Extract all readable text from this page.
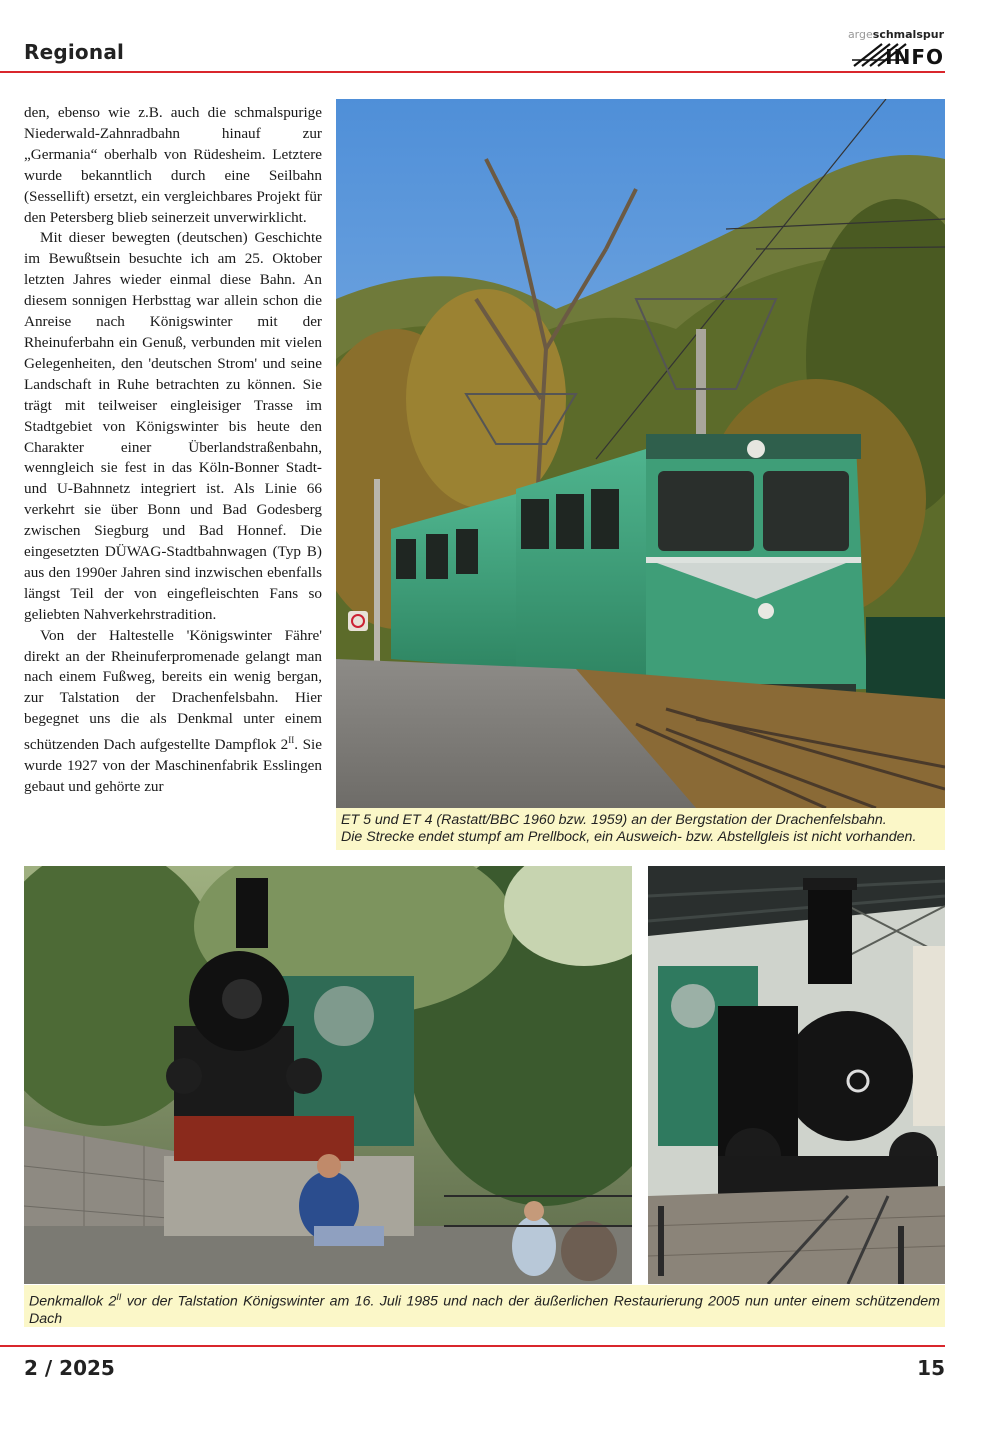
Regional
argeschmalspur
INFO

den, ebenso wie z.B. auch die schmalspurige Niederwald-Zahnradbahn hinauf zur „Germania“ oberhalb von Rüdesheim. Letztere wurde bekanntlich durch eine Seilbahn (Sessellift) ersetzt, ein vergleichbares Projekt für den Petersberg blieb seinerzeit unverwirklicht.

Mit dieser bewegten (deutschen) Geschichte im Bewußtsein besuchte ich am 25. Oktober letzten Jahres wieder einmal diese Bahn. An diesem sonnigen Herbsttag war allein schon die Anreise nach Königswinter mit der Rheinuferbahn ein Genuß, verbunden mit vielen Gelegenheiten, den 'deutschen Strom' und seine Landschaft in Ruhe betrachten zu können. Sie trägt mit teilweiser eingleisiger Trasse im Stadtgebiet von Königswinter bis heute den Charakter einer Überlandstraßenbahn, wenngleich sie fest in das Köln-Bonner Stadt- und U-Bahnnetz integriert ist. Als Linie 66 verkehrt sie über Bonn und Bad Godesberg zwischen Siegburg und Bad Honnef. Die eingesetzten DÜWAG-Stadtbahnwagen (Typ B) aus den 1990er Jahren sind inzwischen ebenfalls längst Teil der von eingefleischten Fans so geliebten Nahverkehrstradition.

Von der Haltestelle 'Königswinter Fähre' direkt an der Rheinuferpromenade gelangt man nach einem Fußweg, bereits ein wenig bergan, zur Talstation der Drachenfelsbahn. Hier begegnet uns die als Denkmal unter einem schützenden Dach aufgestellte Dampflok $2^{II}$. Sie wurde 1927 von der Maschinenfabrik Esslingen gebaut und gehörte zur

ET 5 und ET 4 (Rastatt/BBC 1960 bzw. 1959) an der Bergstation der Drachenfelsbahn.
Die Strecke endet stumpf am Prellbock, ein Ausweich- bzw. Abstellgleis ist nicht vorhanden.
Denkmallok $2^{II}$ vor der Talstation Königswinter am 16. Juli 1985 und nach der äußerlichen Restaurierung 2005 nun unter einem schützendem Dach
2 / 2025	15
